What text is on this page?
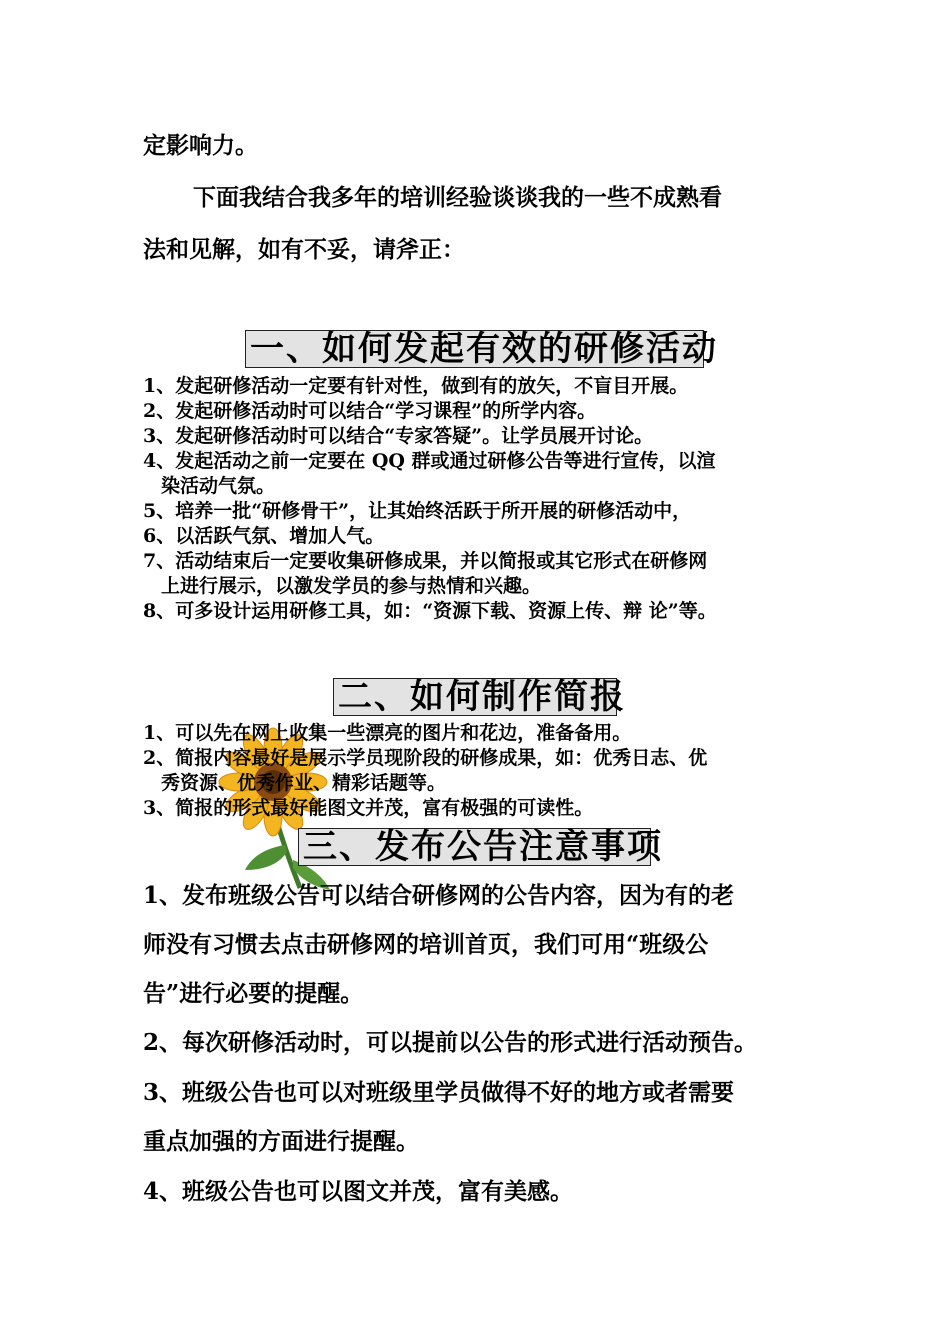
定影响力。

下面我结合我多年的培训经验谈谈我的一些不成熟看

法和见解，如有不妥，请斧正：

一、如何发起有效的研修活动
1、发起研修活动一定要有针对性，做到有的放矢，不盲目开展。
2、发起研修活动时可以结合“学习课程”的所学内容。
3、发起研修活动时可以结合“专家答疑”。让学员展开讨论。
4、发起活动之前一定要在 QQ 群或通过研修公告等进行宣传，以渲
染活动气氛。
5、培养一批“研修骨干”，让其始终活跃于所开展的研修活动中，
6、以活跃气氛、增加人气。
7、活动结束后一定要收集研修成果，并以简报或其它形式在研修网
上进行展示，以激发学员的参与热情和兴趣。
8、可多设计运用研修工具，如：“资源下载、资源上传、辩 论”等。
二、如何制作简报
1、可以先在网上收集一些漂亮的图片和花边，准备备用。
2、简报内容最好是展示学员现阶段的研修成果，如：优秀日志、优
秀资源、优秀作业、精彩话题等。
3、简报的形式最好能图文并茂，富有极强的可读性。
三、发布公告注意事项

1、发布班级公告可以结合研修网的公告内容，因为有的老

师没有习惯去点击研修网的培训首页，我们可用“班级公

告”进行必要的提醒。

2、每次研修活动时，可以提前以公告的形式进行活动预告。

3、班级公告也可以对班级里学员做得不好的地方或者需要

重点加强的方面进行提醒。

4、班级公告也可以图文并茂，富有美感。
